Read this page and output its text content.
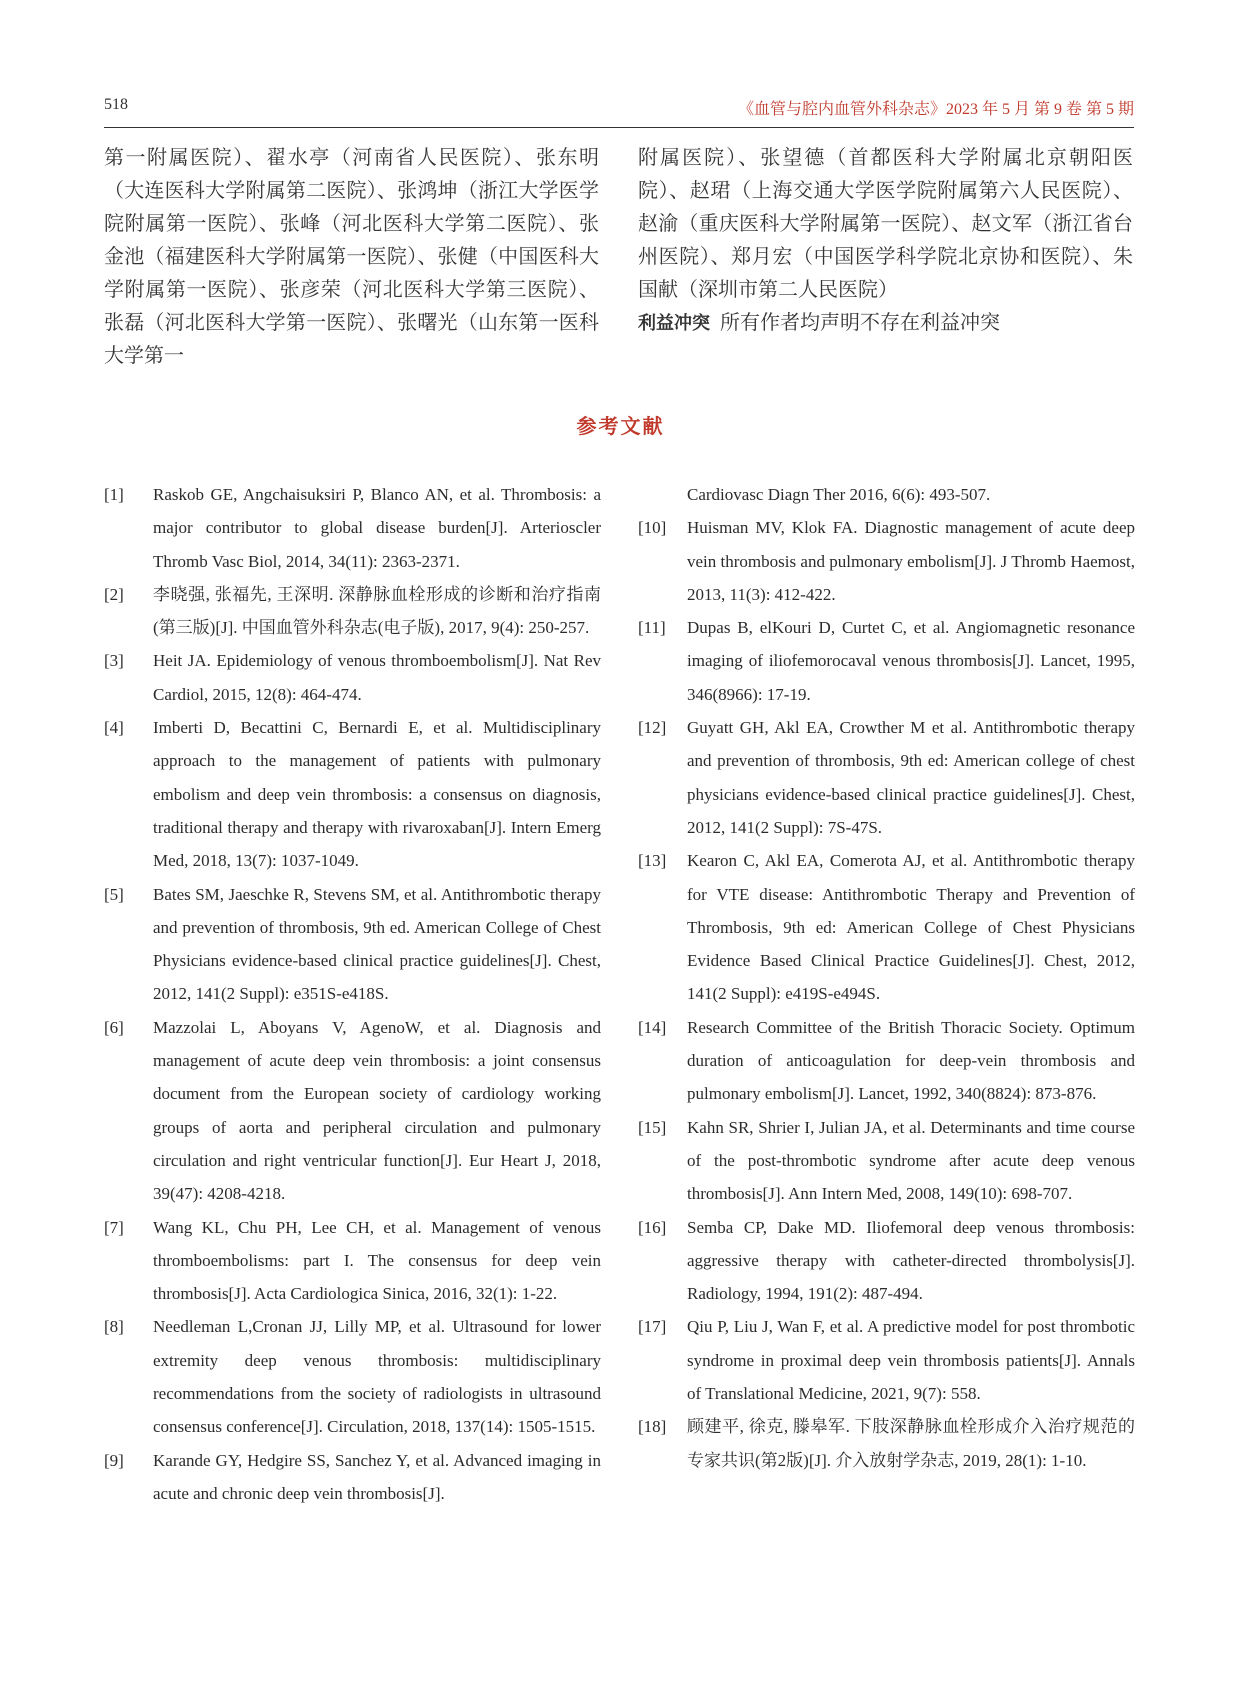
518	《血管与腔内血管外科杂志》2023 年 5 月 第 9 卷 第 5 期

第一附属医院）、翟水亭（河南省人民医院）、张东明（大连医科大学附属第二医院）、张鸿坤（浙江大学医学院附属第一医院）、张峰（河北医科大学第二医院）、张金池（福建医科大学附属第一医院）、张健（中国医科大学附属第一医院）、张彦荣（河北医科大学第三医院）、张磊（河北医科大学第一医院）、张曙光（山东第一医科大学第一

附属医院）、张望德（首都医科大学附属北京朝阳医院）、赵珺（上海交通大学医学院附属第六人民医院）、赵渝（重庆医科大学附属第一医院）、赵文军（浙江省台州医院）、郑月宏（中国医学科学院北京协和医院）、朱国献（深圳市第二人民医院）

利益冲突 所有作者均声明不存在利益冲突

参考文献
[1] Raskob GE, Angchaisuksiri P, Blanco AN, et al. Thrombosis: a major contributor to global disease burden[J]. Arterioscler Thromb Vasc Biol, 2014, 34(11): 2363-2371.
[2] 李晓强, 张福先, 王深明. 深静脉血栓形成的诊断和治疗指南(第三版)[J]. 中国血管外科杂志(电子版), 2017, 9(4): 250-257.
[3] Heit JA. Epidemiology of venous thromboembolism[J]. Nat Rev Cardiol, 2015, 12(8): 464-474.
[4] Imberti D, Becattini C, Bernardi E, et al. Multidisciplinary approach to the management of patients with pulmonary embolism and deep vein thrombosis: a consensus on diagnosis, traditional therapy and therapy with rivaroxaban[J]. Intern Emerg Med, 2018, 13(7): 1037-1049.
[5] Bates SM, Jaeschke R, Stevens SM, et al. Antithrombotic therapy and prevention of thrombosis, 9th ed. American College of Chest Physicians evidence-based clinical practice guidelines[J]. Chest, 2012, 141(2 Suppl): e351S-e418S.
[6] Mazzolai L, Aboyans V, AgenoW, et al. Diagnosis and management of acute deep vein thrombosis: a joint consensus document from the European society of cardiology working groups of aorta and peripheral circulation and pulmonary circulation and right ventricular function[J]. Eur Heart J, 2018, 39(47): 4208-4218.
[7] Wang KL, Chu PH, Lee CH, et al. Management of venous thromboembolisms: part I. The consensus for deep vein thrombosis[J]. Acta Cardiologica Sinica, 2016, 32(1): 1-22.
[8] Needleman L,Cronan JJ, Lilly MP, et al. Ultrasound for lower extremity deep venous thrombosis: multidisciplinary recommendations from the society of radiologists in ultrasound consensus conference[J]. Circulation, 2018, 137(14): 1505-1515.
[9] Karande GY, Hedgire SS, Sanchez Y, et al. Advanced imaging in acute and chronic deep vein thrombosis[J].
Cardiovasc Diagn Ther 2016, 6(6): 493-507.
[10] Huisman MV, Klok FA. Diagnostic management of acute deep vein thrombosis and pulmonary embolism[J]. J Thromb Haemost, 2013, 11(3): 412-422.
[11] Dupas B, elKouri D, Curtet C, et al. Angiomagnetic resonance imaging of iliofemorocaval venous thrombosis[J]. Lancet, 1995, 346(8966): 17-19.
[12] Guyatt GH, Akl EA, Crowther M et al. Antithrombotic therapy and prevention of thrombosis, 9th ed: American college of chest physicians evidence-based clinical practice guidelines[J]. Chest, 2012, 141(2 Suppl): 7S-47S.
[13] Kearon C, Akl EA, Comerota AJ, et al. Antithrombotic therapy for VTE disease: Antithrombotic Therapy and Prevention of Thrombosis, 9th ed: American College of Chest Physicians Evidence Based Clinical Practice Guidelines[J]. Chest, 2012, 141(2 Suppl): e419S-e494S.
[14] Research Committee of the British Thoracic Society. Optimum duration of anticoagulation for deep-vein thrombosis and pulmonary embolism[J]. Lancet, 1992, 340(8824): 873-876.
[15] Kahn SR, Shrier I, Julian JA, et al. Determinants and time course of the post-thrombotic syndrome after acute deep venous thrombosis[J]. Ann Intern Med, 2008, 149(10): 698-707.
[16] Semba CP, Dake MD. Iliofemoral deep venous thrombosis: aggressive therapy with catheter-directed thrombolysis[J]. Radiology, 1994, 191(2): 487-494.
[17] Qiu P, Liu J, Wan F, et al. A predictive model for post thrombotic syndrome in proximal deep vein thrombosis patients[J]. Annals of Translational Medicine, 2021, 9(7): 558.
[18] 顾建平, 徐克, 滕皋军. 下肢深静脉血栓形成介入治疗规范的专家共识(第2版)[J]. 介入放射学杂志, 2019, 28(1): 1-10.
